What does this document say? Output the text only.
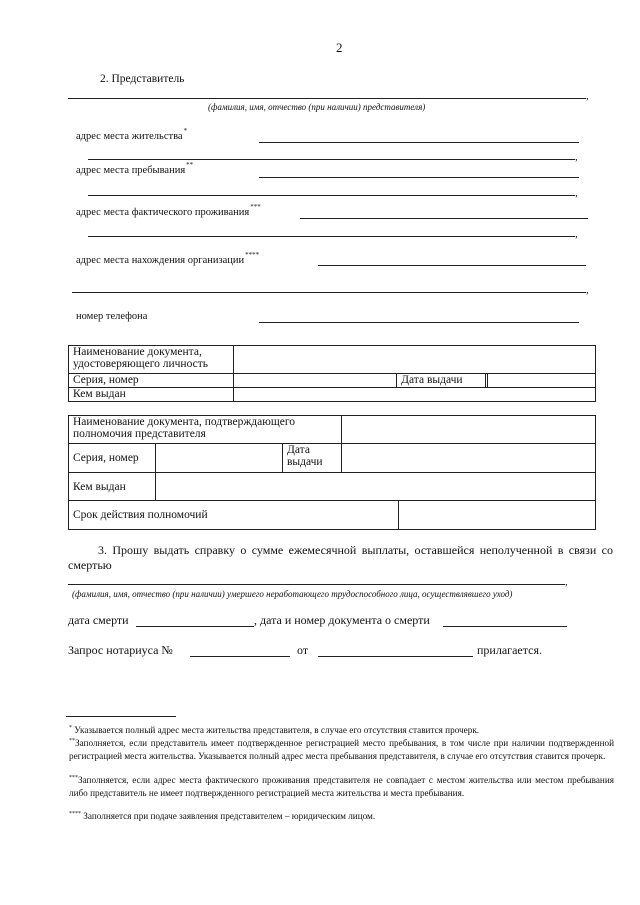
2
2. Представитель
,
(фамилия, имя, отчество (при наличии) представителя)
адрес места жительства*
,
адрес места пребывания**
,
адрес места фактического проживания***
,
адрес места нахождения организации****
,
номер телефона
Наименование документа, удостоверяющего личность				
Серия, номер		Дата выдачи		
Кем выдан				
Наименование документа, подтверждающего полномочия представителя				
Серия, номер		Дата выдачи		
Кем выдан				
Срок действия полномочий				
3. Прошу выдать справку о сумме ежемесячной выплаты, оставшейся неполученной в связи со смертью
,
(фамилия, имя, отчество (при наличии) умершего неработающего трудоспособного лица, осуществлявшего уход)
дата смерти	, дата и номер документа о смерти
Запрос нотариуса №	от	прилагается.
* Указывается полный адрес места жительства представителя, в случае его отсутствия ставится прочерк.
**Заполняется, если представитель имеет подтвержденное регистрацией место пребывания, в том числе при наличии подтвержденной регистрацией места жительства. Указывается полный адрес места пребывания представителя, в случае его отсутствия ставится прочерк.
***Заполняется, если адрес места фактического проживания представителя не совпадает с местом жительства или местом пребывания либо представитель не имеет подтвержденного регистрацией места жительства и места пребывания.
**** Заполняется при подаче заявления представителем – юридическим лицом.
